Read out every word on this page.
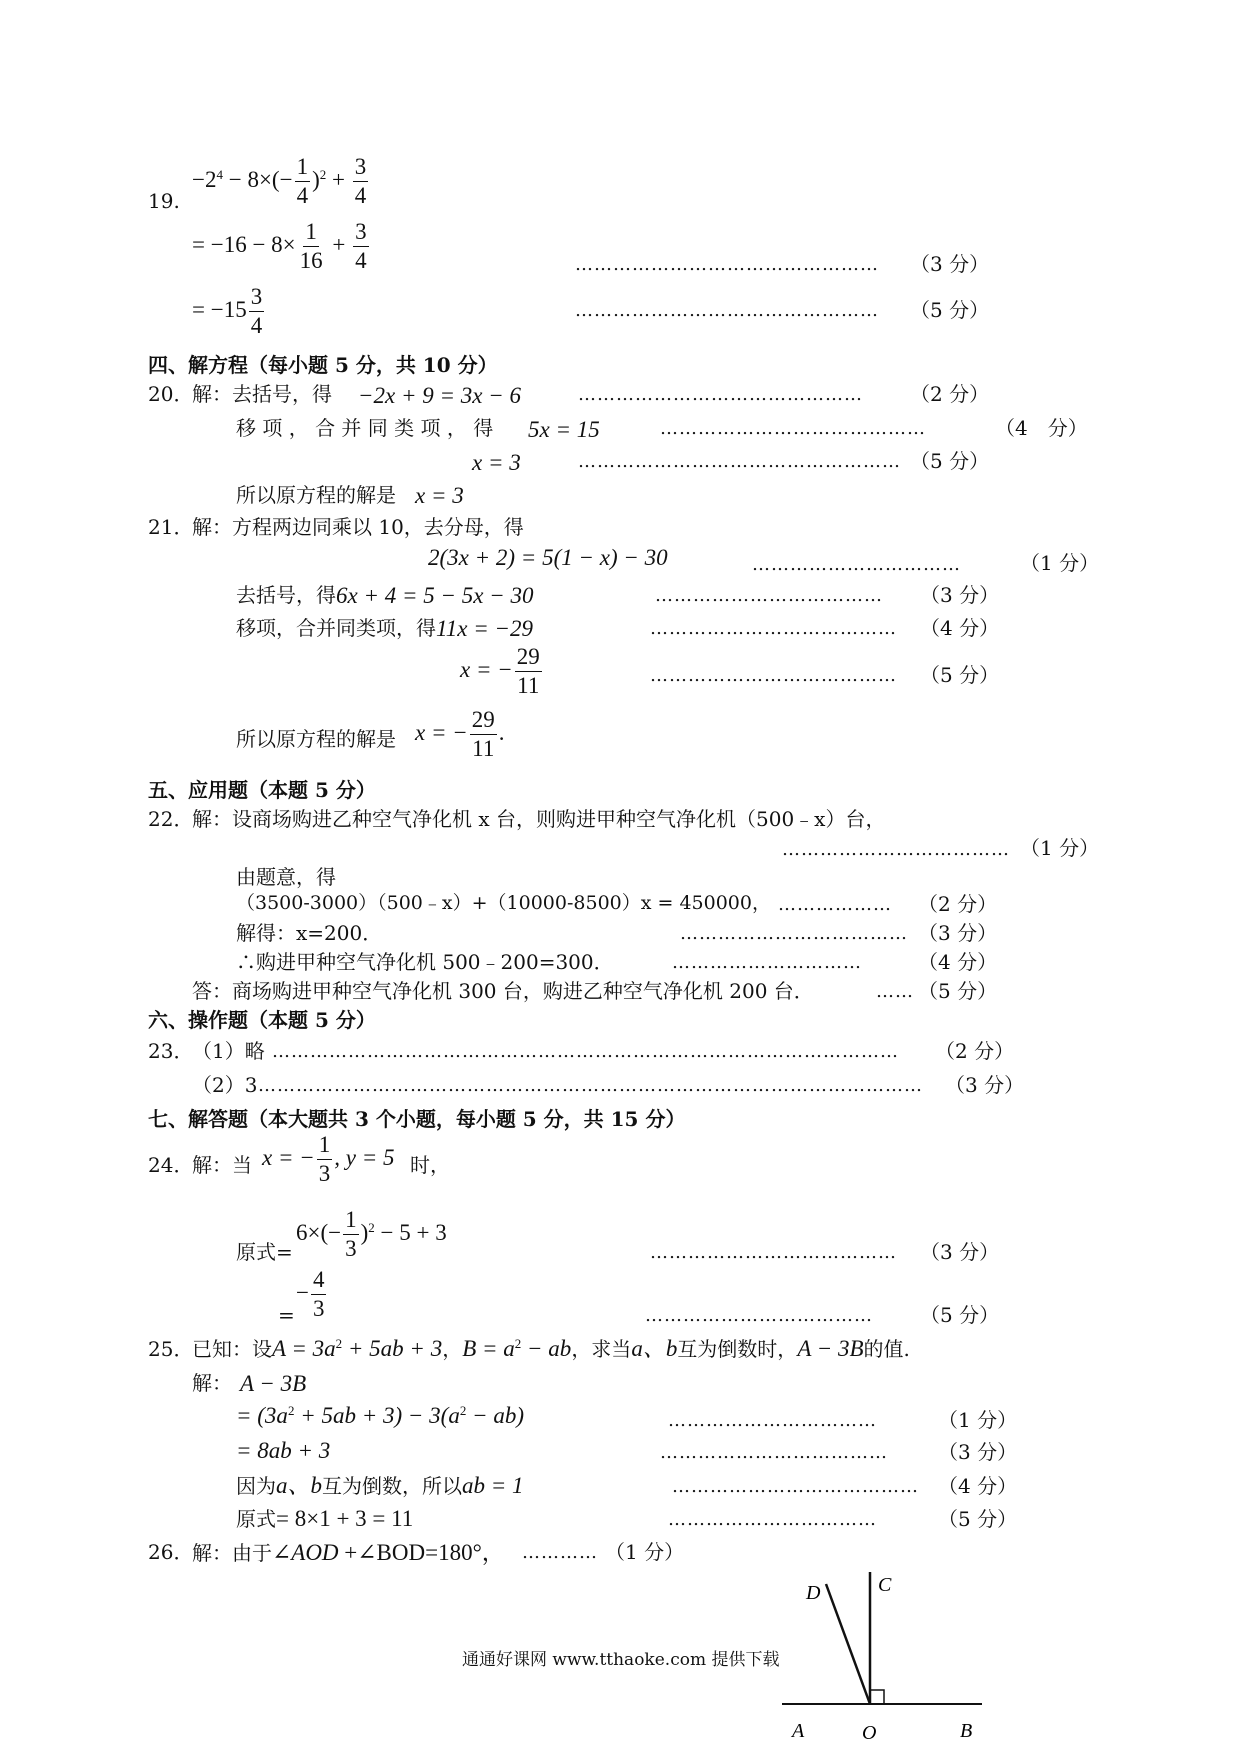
19.
$-2^4 - 8\times(- \frac{1}{4} )^2 + \frac{3}{4}$
= $-16 - 8\times \frac{1}{16} + \frac{3}{4}$	………………………………………… （3 分）
= $-15 \frac{3}{4}$	………………………………………… （5 分）
四、解方程（每小题 5 分，共 10 分）
20．
解：去括号，得 −2x + 9 = 3x − 6	……………………………………… （2 分）
移 项 ， 合 并 同 类 项 ， 得 5x = 15	……………………………………	（4　分）
x = 3	…………………………………………… （5 分）
所以原方程的解是 x = 3
21．
解：方程两边同乘以 10，去分母，得
2(3x + 2) = 5(1 − x) − 30	……………………………	（1 分）
去括号，得 6x + 4 = 5 − 5x − 30	……………………………… （3 分）
移项，合并同类项，得 11x = −29	………………………………… （4 分）
x = − $\frac{29}{11}$	………………………………… （5 分）
所以原方程的解是 x = − $\frac{29}{11}$ .
五、应用题（本题 5 分）
22．
解：设商场购进乙种空气净化机 x 台，则购进甲种空气净化机（500﹣x）台，
……………………………… （1 分）
由题意，得
（3500-3000）（500﹣x）+（10000-8500）x = 450000， ……………… （2 分）
解得：x=200．	……………………………… （3 分）
∴购进甲种空气净化机 500﹣200=300．	…………………………	（4 分）
答：商场购进甲种空气净化机 300 台，购进乙种空气净化机 200 台．	…… （5 分）
六、操作题（本题 5 分）
23．
（1）略 ……………………………………………………………………………………… （2 分）
（2）3 …………………………………………………………………………………………… （3 分）
七、解答题（本大题共 3 个小题，每小题 5 分，共 15 分）
24．
解：当 x = − $\frac{1}{3}$ , y = 5 时，
原式=
$6\times(- \frac{1}{3} )^2 - 5 + 3$
………………………………… （3 分）
=
− $\frac{4}{3}$	……………………………… （5 分）
25．
已知：设$A = 3a^2 + 5ab + 3$，$B = a^2$ − ab，求当a、b互为倒数时，A − 3B的值.
解： A − 3B
= $(3a^2 + 5ab + 3) - 3(a^2 - ab)$	……………………………	（1 分）
= 8ab + 3	………………………………	（3 分）
因为a、b互为倒数，所以ab = 1	………………………………… （4 分）
原式= 8×1 + 3 = 11	……………………………	（5 分）
26．
解：由于∠AOD +∠BOD=180°， ………… （1 分）
D	C
A	O	B
通通好课网 www.tthaoke.com 提供下载
